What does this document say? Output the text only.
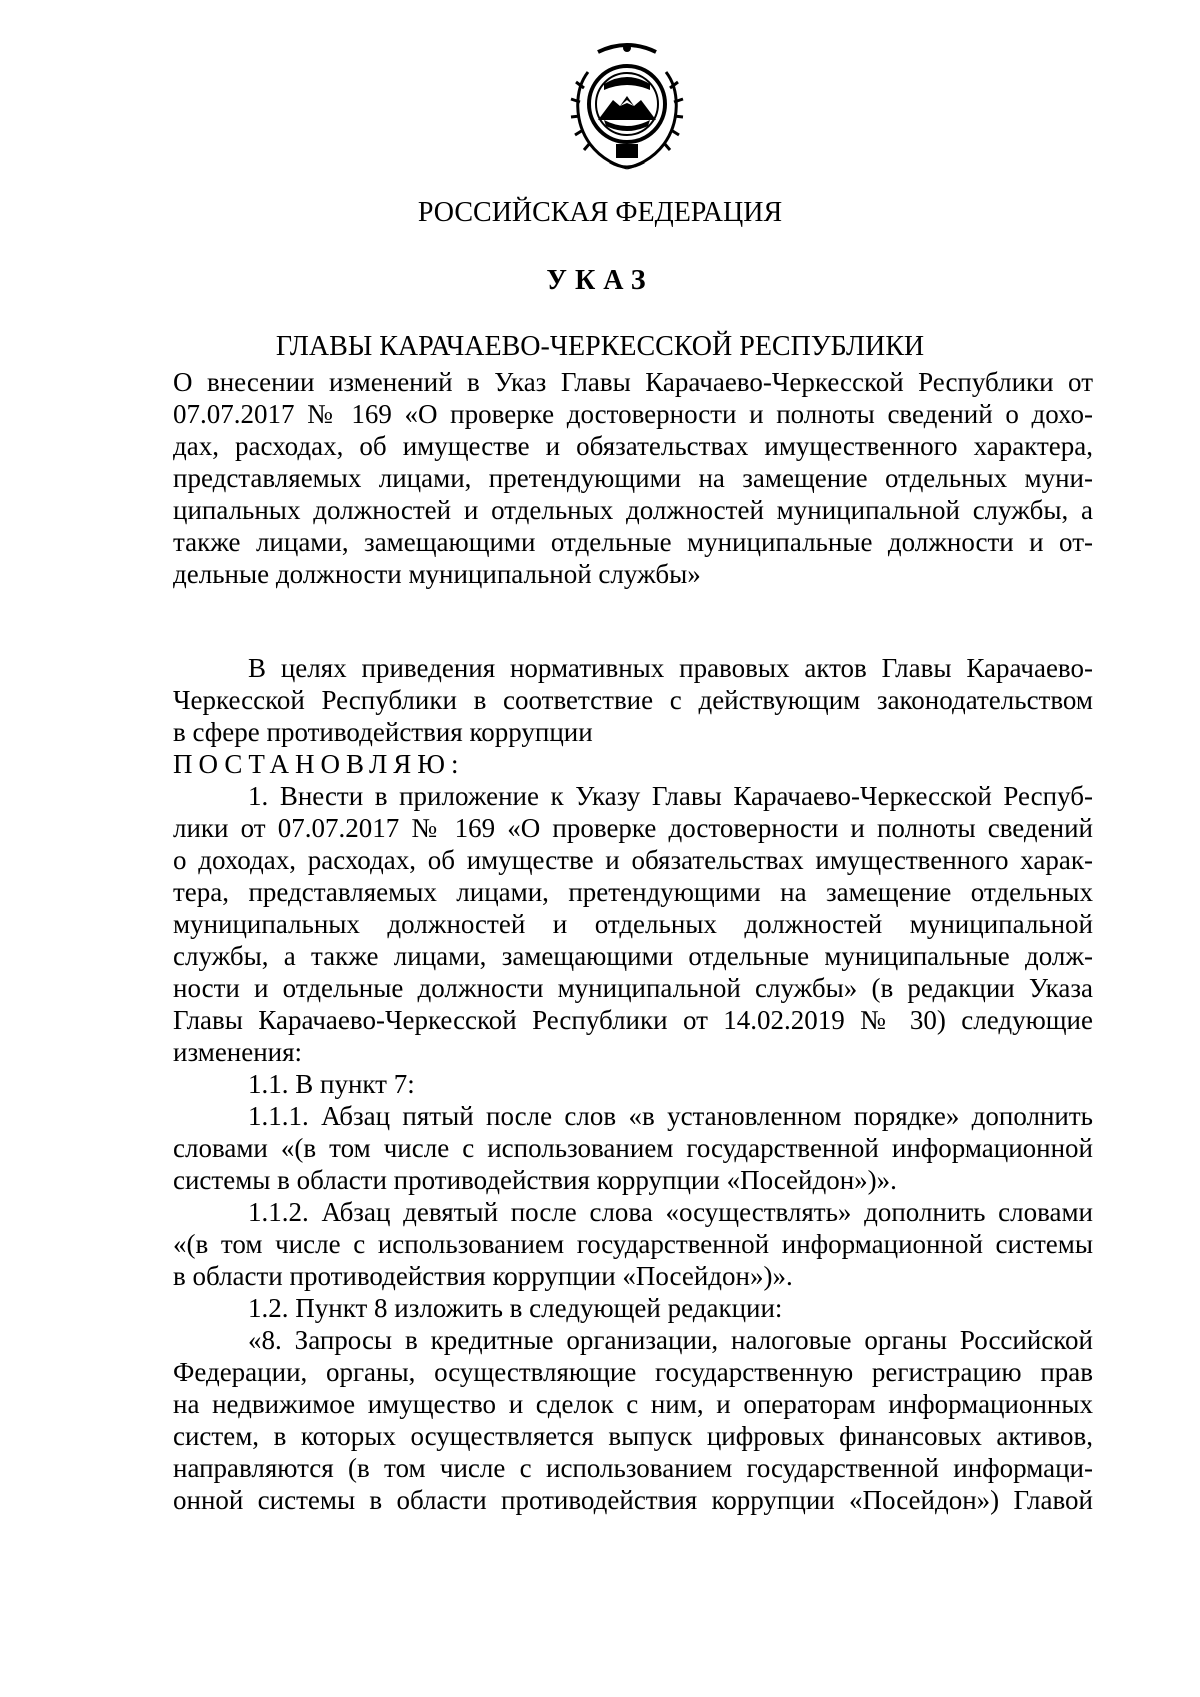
РОССИЙСКАЯ ФЕДЕРАЦИЯ
УКАЗ
ГЛАВЫ КАРАЧАЕВО-ЧЕРКЕССКОЙ РЕСПУБЛИКИ
О внесении изменений в Указ Главы Карачаево-Черкесской Республики от
07.07.2017 № 169 «О проверке достоверности и полноты сведений о дохо-
дах, расходах, об имуществе и обязательствах имущественного характера,
представляемых лицами, претендующими на замещение отдельных муни-
ципальных должностей и отдельных должностей муниципальной службы, а
также лицами, замещающими отдельные муниципальные должности и от-
дельные должности муниципальной службы»
В целях приведения нормативных правовых актов Главы Карачаево-
Черкесской Республики в соответствие с действующим законодательством
в сфере противодействия коррупции
ПОСТАНОВЛЯЮ:
1. Внести в приложение к Указу Главы Карачаево-Черкесской Респуб-
лики от 07.07.2017 № 169 «О проверке достоверности и полноты сведений
о доходах, расходах, об имуществе и обязательствах имущественного харак-
тера, представляемых лицами, претендующими на замещение отдельных
муниципальных должностей и отдельных должностей муниципальной
службы, а также лицами, замещающими отдельные муниципальные долж-
ности и отдельные должности муниципальной службы» (в редакции Указа
Главы Карачаево-Черкесской Республики от 14.02.2019 № 30) следующие
изменения:
1.1. В пункт 7:
1.1.1. Абзац пятый после слов «в установленном порядке» дополнить
словами «(в том числе с использованием государственной информационной
системы в области противодействия коррупции «Посейдон»)».
1.1.2. Абзац девятый после слова «осуществлять» дополнить словами
«(в том числе с использованием государственной информационной системы
в области противодействия коррупции «Посейдон»)».
1.2. Пункт 8 изложить в следующей редакции:
«8. Запросы в кредитные организации, налоговые органы Российской
Федерации, органы, осуществляющие государственную регистрацию прав
на недвижимое имущество и сделок с ним, и операторам информационных
систем, в которых осуществляется выпуск цифровых финансовых активов,
направляются (в том числе с использованием государственной информаци-
онной системы в области противодействия коррупции «Посейдон») Главой
